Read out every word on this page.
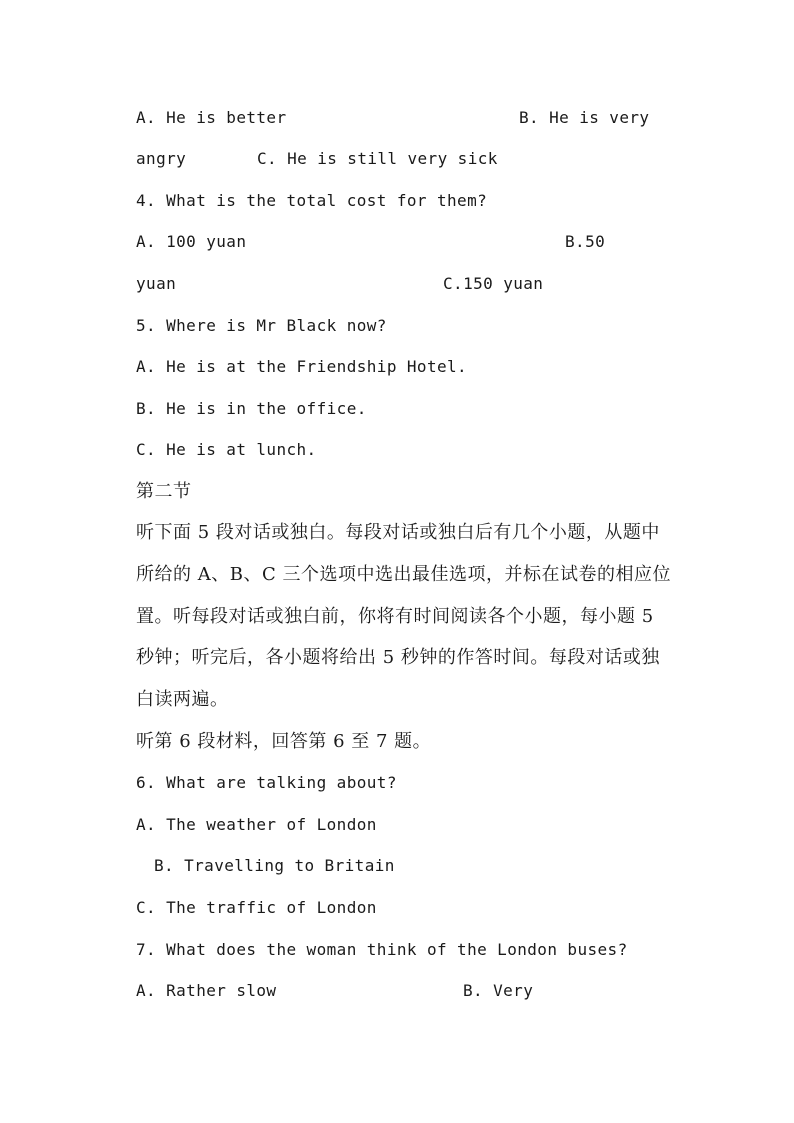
A. He is better

	B. He is very

angry

	C. He is still very sick

4. What is the total cost for them?

A. 100 yuan

	B.50

yuan

	C.150 yuan

5. Where is Mr Black now?
A. He is at the Friendship Hotel.
B. He is in the office.
C. He is at lunch.
第二节
听下面 5 段对话或独白。每段对话或独白后有几个小题，从题中
所给的 A、B、C 三个选项中选出最佳选项，并标在试卷的相应位
置。听每段对话或独白前，你将有时间阅读各个小题，每小题 5
秒钟；听完后，各小题将给出 5 秒钟的作答时间。每段对话或独
白读两遍。
听第 6 段材料，回答第 6 至 7 题。
6. What are talking about?
A. The weather of London
B. Travelling to Britain
C. The traffic of London
7. What does the woman think of the London buses?

A. Rather slow

	B. Very
